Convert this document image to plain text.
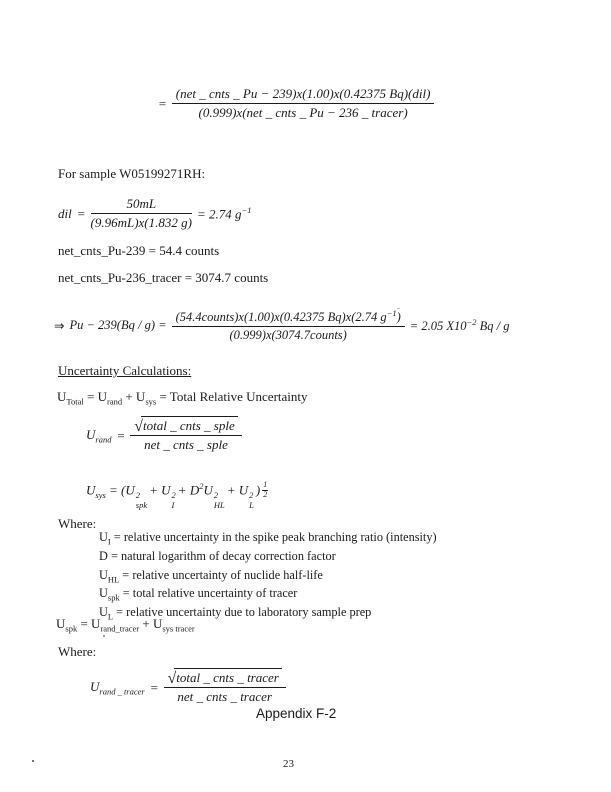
= $\frac{\text{(net \_ cnts \_ Pu − 239)x(1.00)x(0.42375 Bq)(dil)}}{\text{(0.999)x(net \_ cnts \_ Pu − 236 \_ tracer)}}$
For sample W05199271RH:
dil = $\frac{50mL}{(9.96mL)x(1.832 g)} = 2.74$ $g^{-1}$
net_cnts_Pu-239 = 54.4 counts
net_cnts_Pu-236_tracer = 3074.7 counts
⇒ $Pu - 239(Bq / g) = \frac{(54.4counts)x(1.00)x(0.42375 Bq)x(2.74 g^{-1})}{\text{(0.999)x(3074.7counts)}} = 2.05$ $X10^{-2}$ Bq / g
Uncertainty Calculations:
$U_{Total} = U_{rand} + U_{sys}$ = Total Relative Uncertainty
$U_{rand} = \frac{\text{√total \_ cnts \_ sple}}{\text{net \_ cnts \_ sple}}$
$U_{sys} = (U$ 2
spk
+ U 2
I
+ $D^2U$ 2
HL
+ U 2
L
) $\frac{1}{2}$
Where:
$U_I$ = relative uncertainty in the spike peak branching ratio (intensity)
D = natural logarithm of decay correction factor
$U_{HL}$ = relative uncertainty of nuclide half-life
$U_{spk}$ = total relative uncertainty of tracer
$U_L$ = relative uncertainty due to laboratory sample prep
$U_{spk} = U_{rand\_tracer} + U_{sys tracer}$
Where:
$U_{rand \_ tracer} = \frac{\text{√total \_ cnts \_ tracer}}{\text{net \_ cnts \_ tracer}}$
Appendix F-2
23
